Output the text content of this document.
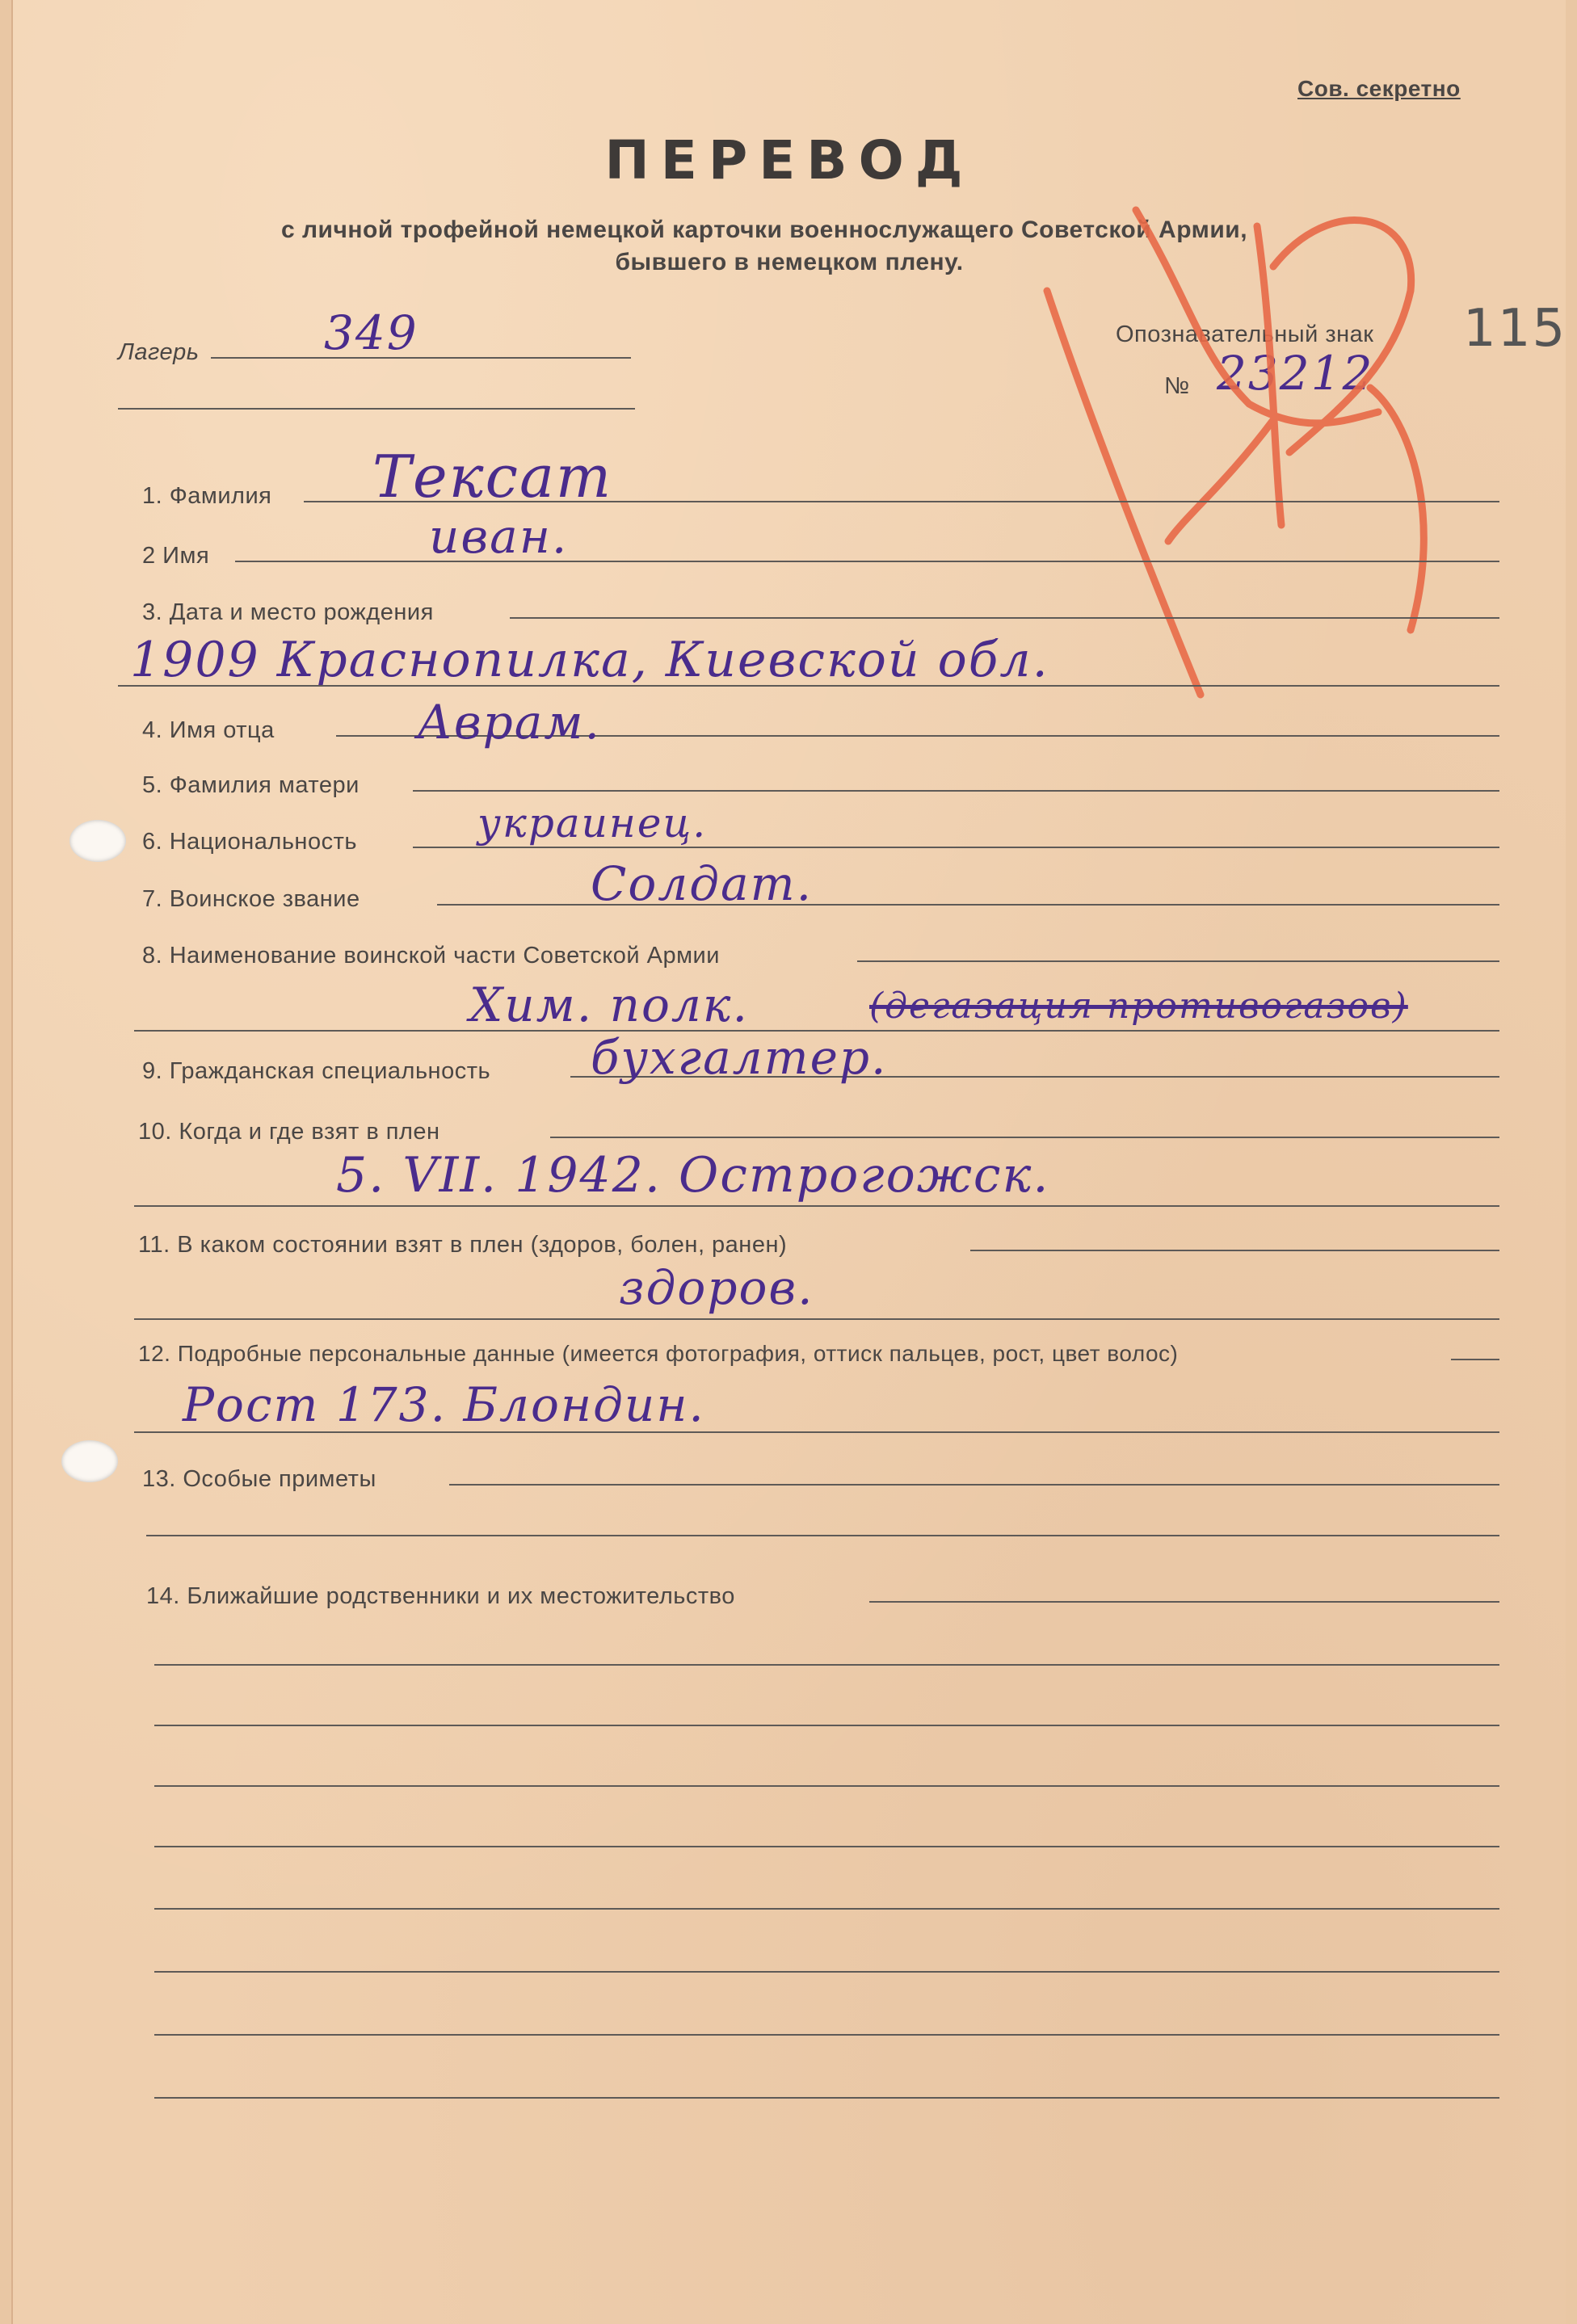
Сов. секретно
ПЕРЕВОД
с личной трофейной немецкой карточки военнослужащего Советской Армии,
бывшего в немецком плену.
Лагерь	349	Опознавательный знак
№ 23212
115
1. Фамилия Тексат
2 Имя	иван.
3. Дата и место рождения
1909 Краснопилка, Киевской обл.
4. Имя отца	Аврам.
5. Фамилия матери
6. Национальность	украинец.
7. Воинское звание	Солдат.
8. Наименование воинской части Советской Армии
Хим. полк.	(дегазация противогазов)
9. Гражданская специальность бухгалтер.
10. Когда и где взят в плен
5. VII. 1942. Острогожск.
11. В каком состоянии взят в плен (здоров, болен, ранен)
здоров.
12. Подробные персональные данные (имеется фотография, оттиск пальцев, рост, цвет волос)
Рост 173. Блондин.
13. Особые приметы
14. Ближайшие родственники и их местожительство
